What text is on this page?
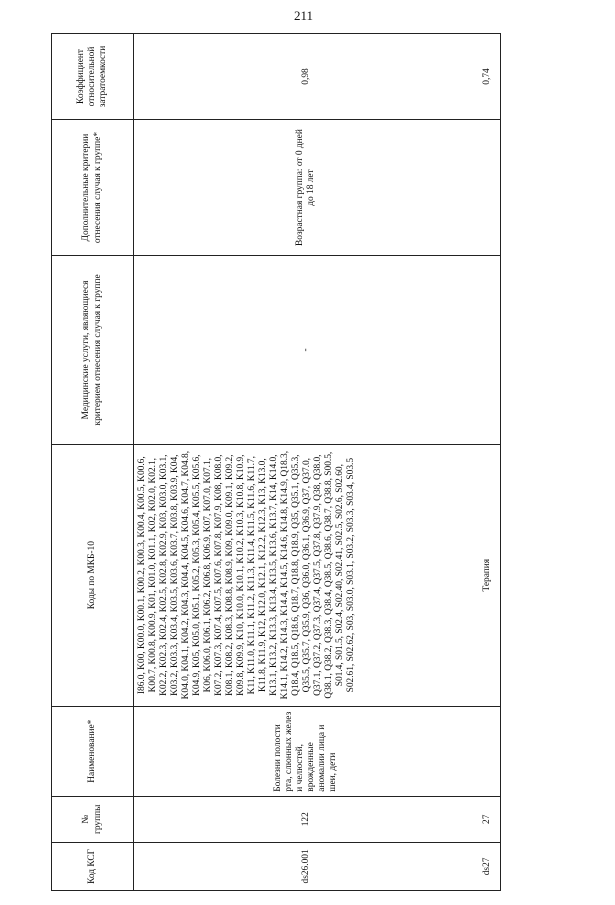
211
Код КСГ	№ группы	Наименование*	Коды по МКБ-10	Медицинские услуги, являющиеся критерием отнесения случая к группе	Дополнительные критерии отнесения случая к группе*	Коэффициент относительной затратоемкости
ds26.001	122	Болезни полости рта, слюнных желез и челюстей, врожденные аномалии лица и шеи, дети	I86.0, K00, K00.0, K00.1, K00.2, K00.3, K00.4, K00.5, K00.6, K00.7, K00.8, K00.9, K01, K01.0, K01.1, K02, K02.0, K02.1, K02.2, K02.3, K02.4, K02.5, K02.8, K02.9, K03, K03.0, K03.1, K03.2, K03.3, K03.4, K03.5, K03.6, K03.7, K03.8, K03.9, K04, K04.0, K04.1, K04.2, K04.3, K04.4, K04.5, K04.6, K04.7, K04.8, K04.9, K05, K05.0, K05.1, K05.2, K05.3, K05.4, K05.5, K05.6, K06, K06.0, K06.1, K06.2, K06.8, K06.9, K07, K07.0, K07.1, K07.2, K07.3, K07.4, K07.5, K07.6, K07.8, K07.9, K08, K08.0, K08.1, K08.2, K08.3, K08.8, K08.9, K09, K09.0, K09.1, K09.2, K09.8, K09.9, K10, K10.0, K10.1, K10.2, K10.3, K10.8, K10.9, K11, K11.0, K11.1, K11.2, K11.3, K11.4, K11.5, K11.6, K11.7, K11.8, K11.9, K12, K12.0, K12.1, K12.2, K12.3, K13, K13.0, K13.1, K13.2, K13.3, K13.4, K13.5, K13.6, K13.7, K14, K14.0, K14.1, K14.2, K14.3, K14.4, K14.5, K14.6, K14.8, K14.9, Q18.3, Q18.4, Q18.5, Q18.6, Q18.7, Q18.8, Q18.9, Q35, Q35.1, Q35.3, Q35.5, Q35.7, Q35.9, Q36, Q36.0, Q36.1, Q36.9, Q37, Q37.0, Q37.1, Q37.2, Q37.3, Q37.4, Q37.5, Q37.8, Q37.9, Q38, Q38.0, Q38.1, Q38.2, Q38.3, Q38.4, Q38.5, Q38.6, Q38.7, Q38.8, S00.5, S01.4, S01.5, S02.4, S02.40, S02.41, S02.5, S02.6, S02.60, S02.61, S02.62, S03, S03.0, S03.1, S03.2, S03.3, S03.4, S03.5	-	Возрастная группа: от 0 дней до 18 лет	0,98
ds27	27		Терапия			0,74
